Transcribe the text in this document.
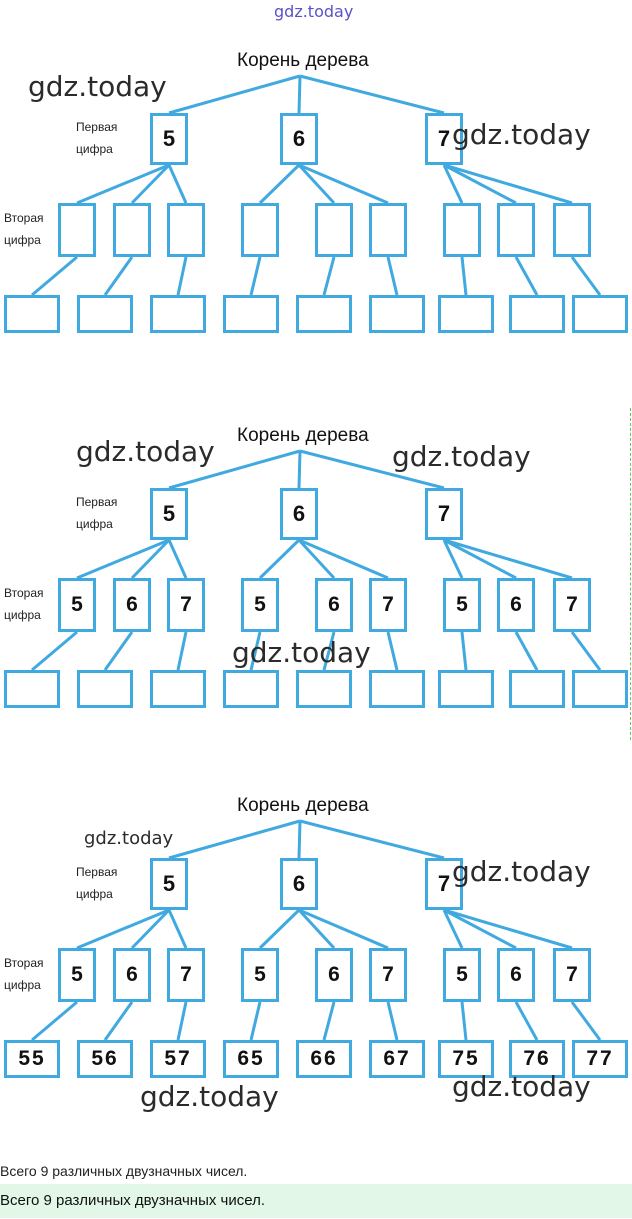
gdz.today
Корень дерева
Первая цифра
Вторая цифра
5	6	7
Корень дерева
Первая цифра
Вторая цифра
5	6	7
5	6	7	5	6	7	5	6	7
Корень дерева
Первая цифра
Вторая цифра
5	6	7
5	6	7	5	6	7	5	6	7
55	56	57	65	66	67	75	76	77
gdz.today
gdz.today
gdz.today	gdz.today
gdz.today
gdz.today
gdz.today
gdz.today	gdz.today
Всего 9 различных двузначных чисел.
Всего 9 различных двузначных чисел.
